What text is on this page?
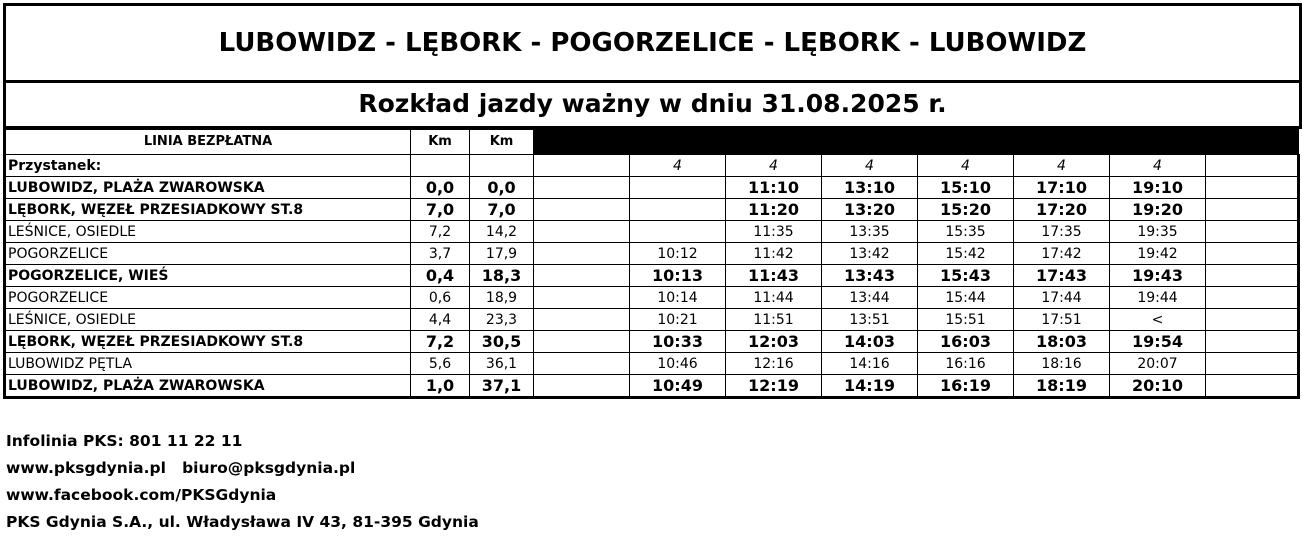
LUBOWIDZ - LĘBORK - POGORZELICE - LĘBORK - LUBOWIDZ
Rozkład jazdy ważny w dniu 31.08.2025 r.
LINIA BEZPŁATNA	Km	Km								
Przystanek:				4	4	4	4	4	4	
LUBOWIDZ, PLAŻA ZWAROWSKA	0,0	0,0			11:10	13:10	15:10	17:10	19:10	
LĘBORK, WĘZEŁ PRZESIADKOWY ST.8	7,0	7,0			11:20	13:20	15:20	17:20	19:20	
LEŚNICE, OSIEDLE	7,2	14,2			11:35	13:35	15:35	17:35	19:35	
POGORZELICE	3,7	17,9		10:12	11:42	13:42	15:42	17:42	19:42	
POGORZELICE, WIEŚ	0,4	18,3		10:13	11:43	13:43	15:43	17:43	19:43	
POGORZELICE	0,6	18,9		10:14	11:44	13:44	15:44	17:44	19:44	
LEŚNICE, OSIEDLE	4,4	23,3		10:21	11:51	13:51	15:51	17:51	<	
LĘBORK, WĘZEŁ PRZESIADKOWY ST.8	7,2	30,5		10:33	12:03	14:03	16:03	18:03	19:54	
LUBOWIDZ PĘTLA	5,6	36,1		10:46	12:16	14:16	16:16	18:16	20:07	
LUBOWIDZ, PLAŻA ZWAROWSKA	1,0	37,1		10:49	12:19	14:19	16:19	18:19	20:10	
Infolinia PKS: 801 11 22 11
www.pksgdynia.pl   biuro@pksgdynia.pl
www.facebook.com/PKSGdynia
PKS Gdynia S.A., ul. Władysława IV 43, 81-395 Gdynia
